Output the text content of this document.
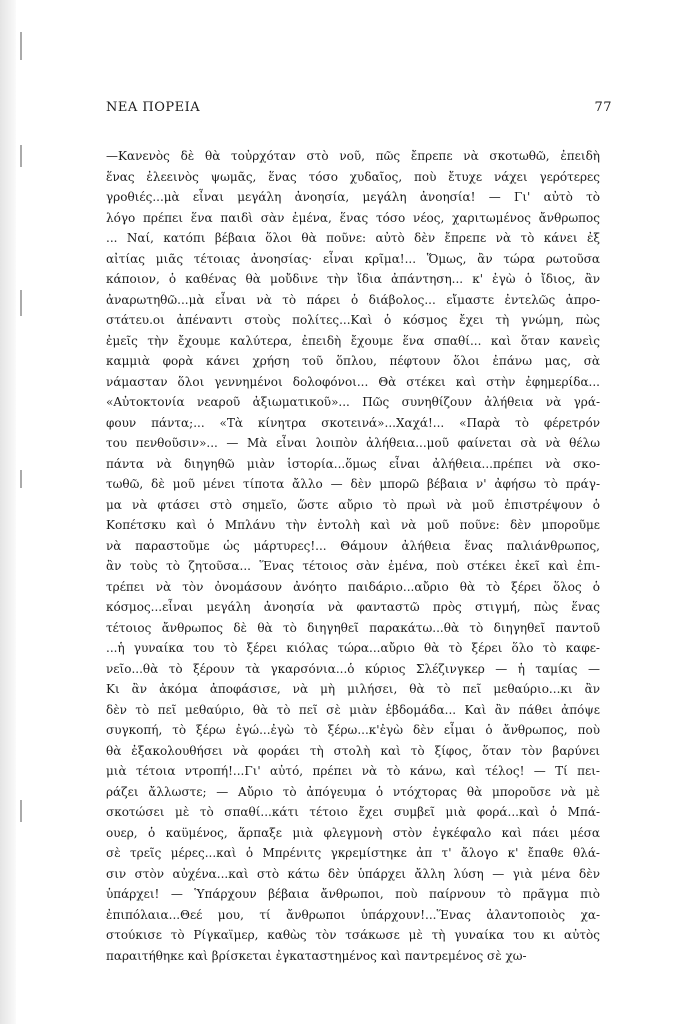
ΝΕΑ ΠΟΡΕΙΑ	77
—Κανενὸς δὲ θὰ τοὐρχόταν στὸ νοῦ, πῶς ἔπρεπε νὰ σκοτωθῶ, ἐπειδὴ
ἕνας ἐλεεινὸς ψωμᾶς, ἕνας τόσο χυδαῖος, ποὺ ἔτυχε νάχει γερότερες
γροθιές...μὰ εἶναι μεγάλη ἀνοησία, μεγάλη ἀνοησία! — Γι' αὐτὸ τὸ
λόγο πρέπει ἕνα παιδὶ σὰν ἐμένα, ἕνας τόσο νέος, χαριτωμένος ἄνθρωπος
... Ναί, κατόπι βέβαια ὅλοι θὰ ποῦνε: αὐτὸ δὲν ἔπρεπε νὰ τὸ κάνει ἐξ
αἰτίας μιᾶς τέτοιας ἀνοησίας· εἶναι κρῖμα!... Ὅμως, ἂν τώρα ρωτοῦσα
κάποιον, ὁ καθένας θὰ μοὔδινε τὴν ἴδια ἀπάντηση... κ' ἐγὼ ὁ ἴδιος, ἂν
ἀναρωτηθῶ...μὰ εἶναι νὰ τὸ πάρει ὁ διάβολος... εἴμαστε ἐντελῶς ἀπρο-
στάτευ.οι ἀπέναντι στοὺς πολίτες...Καὶ ὁ κόσμος ἔχει τὴ γνώμη, πὼς
ἐμεῖς τὴν ἔχουμε καλύτερα, ἐπειδὴ ἔχουμε ἕνα σπαθί... καὶ ὅταν κανεὶς
καμμιὰ φορὰ κάνει χρήση τοῦ ὅπλου, πέφτουν ὅλοι ἐπάνω μας, σὰ
νάμασταν ὅλοι γεννημένοι δολοφόνοι... Θὰ στέκει καὶ στὴν ἐφημερίδα...
«Αὐτοκτονία νεαροῦ ἀξιωματικοῦ»... Πῶς συνηθίζουν ἀλήθεια νὰ γρά-
φουν πάντα;... «Τὰ κίνητρα σκοτεινά»...Χαχά!... «Παρὰ τὸ φέρετρόν
του πενθοῦσιν»... — Μὰ εἶναι λοιπὸν ἀλήθεια...μοῦ φαίνεται σὰ νὰ θέλω
πάντα νὰ διηγηθῶ μιὰν ἱστορία...ὅμως εἶναι ἀλήθεια...πρέπει νὰ σκο-
τωθῶ, δὲ μοῦ μένει τίποτα ἄλλο — δὲν μπορῶ βέβαια ν' ἀφήσω τὸ πράγ-
μα νὰ φτάσει στὸ σημεῖο, ὥστε αὔριο τὸ πρωὶ νὰ μοῦ ἐπιστρέψουν ὁ
Κοπέτσκυ καὶ ὁ Μπλάνυ τὴν ἐντολὴ καὶ νὰ μοῦ ποῦνε: δὲν μποροῦμε
νὰ παραστοῦμε ὡς μάρτυρες!... Θάμουν ἀλήθεια ἕνας παλιάνθρωπος,
ἂν τοὺς τὸ ζητοῦσα... Ἕνας τέτοιος σὰν ἐμένα, ποὺ στέκει ἐκεῖ καὶ ἐπι-
τρέπει νὰ τὸν ὀνομάσουν ἀνόητο παιδάριο...αὔριο θὰ τὸ ξέρει ὅλος ὁ
κόσμος...εἶναι μεγάλη ἀνοησία νὰ φανταστῶ πρὸς στιγμή, πὼς ἕνας
τέτοιος ἄνθρωπος δὲ θὰ τὸ διηγηθεῖ παρακάτω...θὰ τὸ διηγηθεῖ παντοῦ
...ἡ γυναίκα του τὸ ξέρει κιόλας τώρα...αὔριο θὰ τὸ ξέρει ὅλο τὸ καφε-
νεῖο...θὰ τὸ ξέρουν τὰ γκαρσόνια...ὁ κύριος Σλέζινγκερ — ἡ ταμίας —
Κι ἂν ἀκόμα ἀποφάσισε, νὰ μὴ μιλήσει, θὰ τὸ πεῖ μεθαύριο...κι ἂν
δὲν τὸ πεῖ μεθαύριο, θὰ τὸ πεῖ σὲ μιὰν ἑβδομάδα... Καὶ ἂν πάθει ἀπόψε
συγκοπή, τὸ ξέρω ἐγώ...ἐγὼ τὸ ξέρω...κ'ἐγὼ δὲν εἶμαι ὁ ἄνθρωπος, ποὺ
θὰ ἐξακολουθήσει νὰ φοράει τὴ στολὴ καὶ τὸ ξίφος, ὅταν τὸν βαρύνει
μιὰ τέτοια ντροπή!...Γι' αὐτό, πρέπει νὰ τὸ κάνω, καὶ τέλος! — Τί πει-
ράζει ἄλλωστε; — Αὔριο τὸ ἀπόγευμα ὁ ντόχτορας θὰ μποροῦσε νὰ μὲ
σκοτώσει μὲ τὸ σπαθί...κάτι τέτοιο ἔχει συμβεῖ μιὰ φορά...καὶ ὁ Μπά-
ουερ, ὁ καϋμένος, ἅρπαξε μιὰ φλεγμονὴ στὸν ἐγκέφαλο καὶ πάει μέσα
σὲ τρεῖς μέρες...καὶ ὁ Μπρένιτς γκρεμίστηκε ἀπ τ' ἄλογο κ' ἔπαθε θλά-
σιν στὸν αὐχένα...καὶ στὸ κάτω δὲν ὑπάρχει ἄλλη λύση — γιὰ μένα δὲν
ὑπάρχει! — Ὑπάρχουν βέβαια ἄνθρωποι, ποὺ παίρνουν τὸ πρᾶγμα πιὸ
ἐπιπόλαια...Θεέ μου, τί ἄνθρωποι ὑπάρχουν!...Ἕνας ἀλαντοποιὸς χα-
στούκισε τὸ Ρίγκαϊμερ, καθὼς τὸν τσάκωσε μὲ τὴ γυναίκα του κι αὐτὸς
παραιτήθηκε καὶ βρίσκεται ἐγκαταστημένος καὶ παντρεμένος σὲ χω-
